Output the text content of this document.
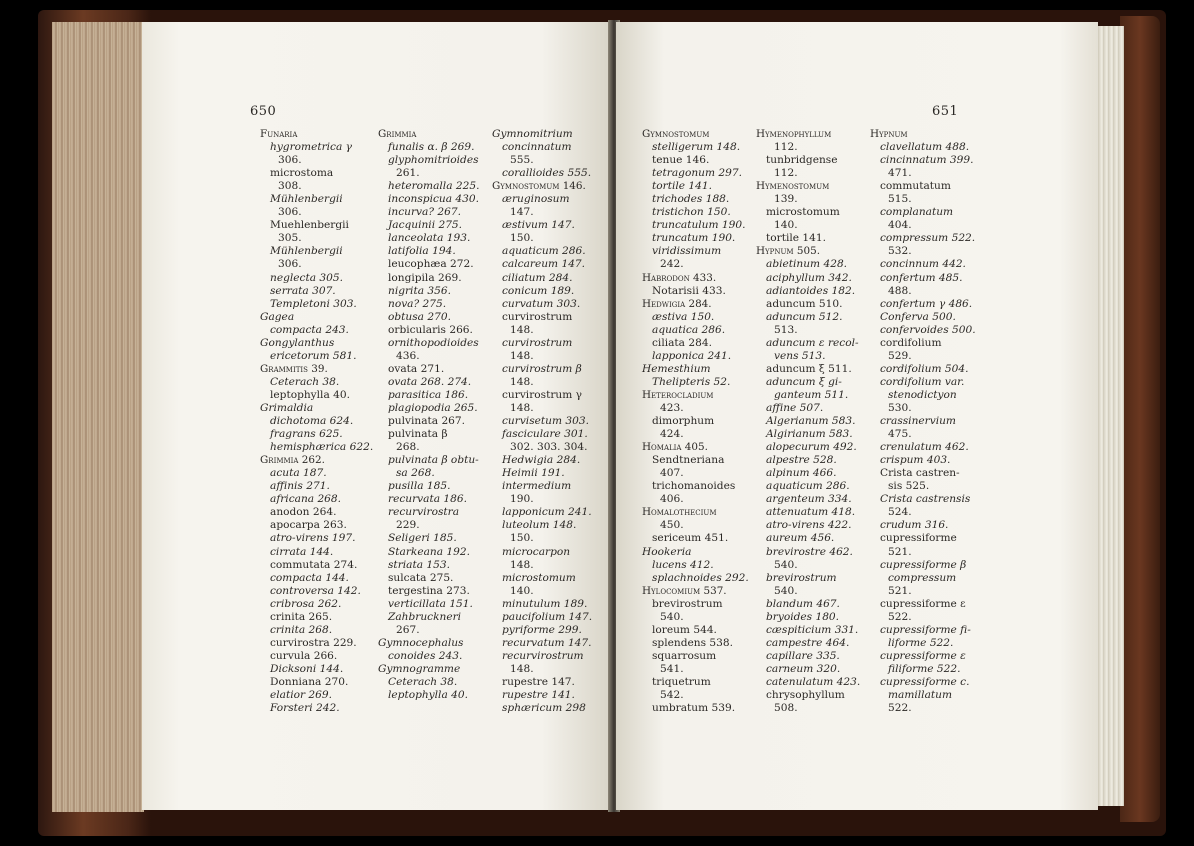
650
Funaria
hygrometrica γ
306.
microstoma
308.
Mühlenbergii
306.
Muehlenbergii
305.
Mühlenbergii
306.
neglecta 305.
serrata 307.
Templetoni 303.
Gagea
compacta 243.
Gongylanthus
ericetorum 581.
Grammitis 39.
Ceterach 38.
leptophylla 40.
Grimaldia
dichotoma 624.
fragrans 625.
hemisphærica 622.
Grimmia 262.
acuta 187.
affinis 271.
africana 268.
anodon 264.
apocarpa 263.
atro-virens 197.
cirrata 144.
commutata 274.
compacta 144.
controversa 142.
cribrosa 262.
crinita 265.
crinita 268.
curvirostra 229.
curvula 266.
Dicksoni 144.
Donniana 270.
elatior 269.
Forsteri 242.
Grimmia
funalis α. β 269.
glyphomitrioides
261.
heteromalla 225.
inconspicua 430.
incurva? 267.
Jacquinii 275.
lanceolata 193.
latifolia 194.
leucophæa 272.
longipila 269.
nigrita 356.
nova? 275.
obtusa 270.
orbicularis 266.
ornithopodioides
436.
ovata 271.
ovata 268. 274.
parasitica 186.
plagiopodia 265.
pulvinata 267.
pulvinata β
268.
pulvinata β obtu-
sa 268.
pusilla 185.
recurvata 186.
recurvirostra
229.
Seligeri 185.
Starkeana 192.
striata 153.
sulcata 275.
tergestina 273.
verticillata 151.
Zahbruckneri
267.
Gymnocephalus
conoides 243.
Gymnogramme
Ceterach 38.
leptophylla 40.
Gymnomitrium
concinnatum
555.
corallioides 555.
Gymnostomum 146.
æruginosum
147.
æstivum 147.
150.
aquaticum 286.
calcareum 147.
ciliatum 284.
conicum 189.
curvatum 303.
curvirostrum
148.
curvirostrum
148.
curvirostrum β
148.
curvirostrum γ
148.
curvisetum 303.
fasciculare 301.
302. 303. 304.
Hedwigia 284.
Heimii 191.
intermedium
190.
lapponicum 241.
luteolum 148.
150.
microcarpon
148.
microstomum
140.
minutulum 189.
paucifolium 147.
pyriforme 299.
recurvatum 147.
recurvirostrum
148.
rupestre 147.
rupestre 141.
sphæricum 298
651
Gymnostomum
stelligerum 148.
tenue 146.
tetragonum 297.
tortile 141.
trichodes 188.
tristichon 150.
truncatulum 190.
truncatum 190.
viridissimum
242.
Habrodon 433.
Notarisii 433.
Hedwigia 284.
æstiva 150.
aquatica 286.
ciliata 284.
lapponica 241.
Hemesthium
Thelipteris 52.
Heterocladium
423.
dimorphum
424.
Homalia 405.
Sendtneriana
407.
trichomanoides
406.
Homalothecium
450.
sericeum 451.
Hookeria
lucens 412.
splachnoides 292.
Hylocomium 537.
brevirostrum
540.
loreum 544.
splendens 538.
squarrosum
541.
triquetrum
542.
umbratum 539.
Hymenophyllum
112.
tunbridgense
112.
Hymenostomum
139.
microstomum
140.
tortile 141.
Hypnum 505.
abietinum 428.
aciphyllum 342.
adiantoides 182.
aduncum 510.
aduncum 512.
513.
aduncum ε recol-
vens 513.
aduncum ξ 511.
aduncum ξ gi-
ganteum 511.
affine 507.
Algerianum 583.
Algirianum 583.
alopecurum 492.
alpestre 528.
alpinum 466.
aquaticum 286.
argenteum 334.
attenuatum 418.
atro-virens 422.
aureum 456.
brevirostre 462.
540.
brevirostrum
540.
blandum 467.
bryoides 180.
cæspiticium 331.
campestre 464.
capillare 335.
carneum 320.
catenulatum 423.
chrysophyllum
508.
Hypnum
clavellatum 488.
cincinnatum 399.
471.
commutatum
515.
complanatum
404.
compressum 522.
532.
concinnum 442.
confertum 485.
488.
confertum γ 486.
Conferva 500.
confervoides 500.
cordifolium
529.
cordifolium 504.
cordifolium var.
stenodictyon
530.
crassinervium
475.
crenulatum 462.
crispum 403.
Crista castren-
sis 525.
Crista castrensis
524.
crudum 316.
cupressiforme
521.
cupressiforme β
compressum
521.
cupressiforme ε
522.
cupressiforme fi-
liforme 522.
cupressiforme ε
filiforme 522.
cupressiforme c.
mamillatum
522.
